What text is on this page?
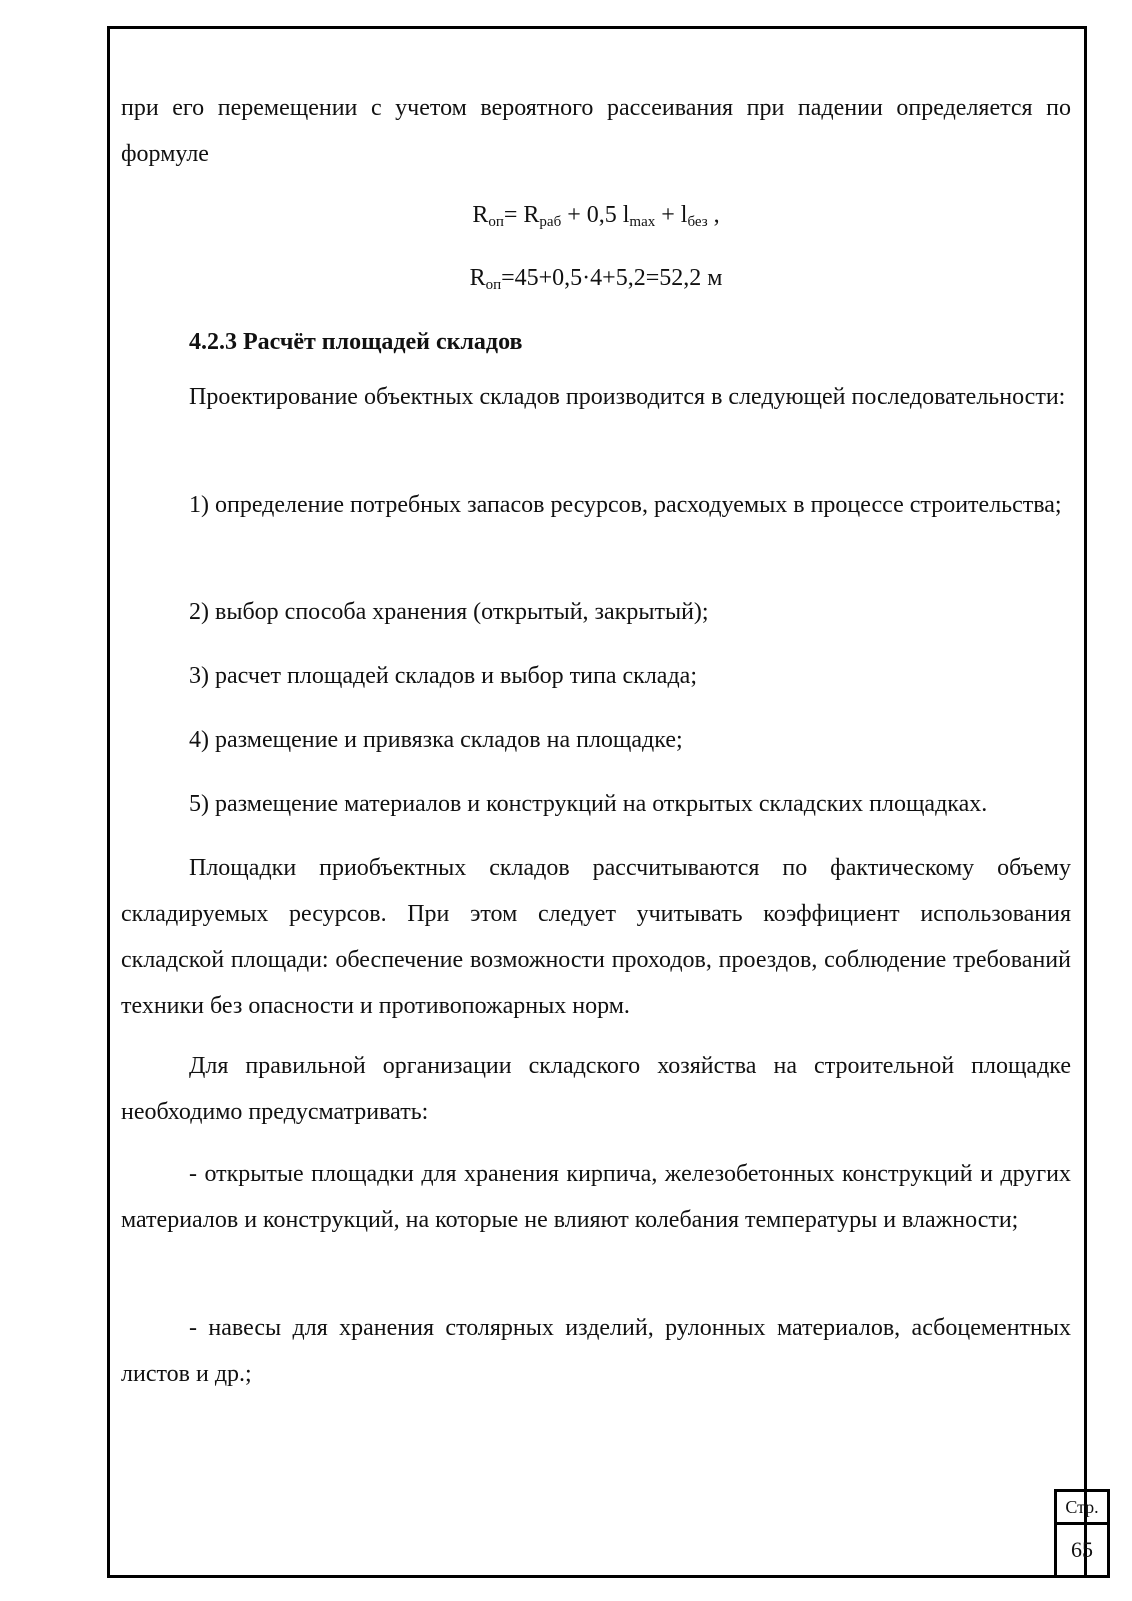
при его перемещении с учетом вероятного рассеивания при падении определяется по формуле

$R_{оп}= R_{раб} + 0,5$ $l_{max} + l_{без}$ ,
$R_{оп}=45+0,5\cdot 4+5,2=52,2$ м
4.2.3 Расчёт площадей складов

Проектирование объектных складов производится в следующей последовательности:

1) определение потребных запасов ресурсов, расходуемых в процессе строительства;

2) выбор способа хранения (открытый, закрытый);

3) расчет площадей складов и выбор типа склада;

4) размещение и привязка складов на площадке;

5) размещение материалов и конструкций на открытых складских площадках.

Площадки приобъектных складов рассчитываются по фактическому объему складируемых ресурсов. При этом следует учитывать коэффициент использования складской площади: обеспечение возможности проходов, проездов, соблюдение требований техники без опасности и противопожарных норм.

Для правильной организации складского хозяйства на строительной площадке необходимо предусматривать:

- открытые площадки для хранения кирпича, железобетонных конструкций и других материалов и конструкций, на которые не влияют колебания температуры и влажности;

- навесы для хранения столярных изделий, рулонных материалов, асбоцементных листов и др.;

Стр.
65
